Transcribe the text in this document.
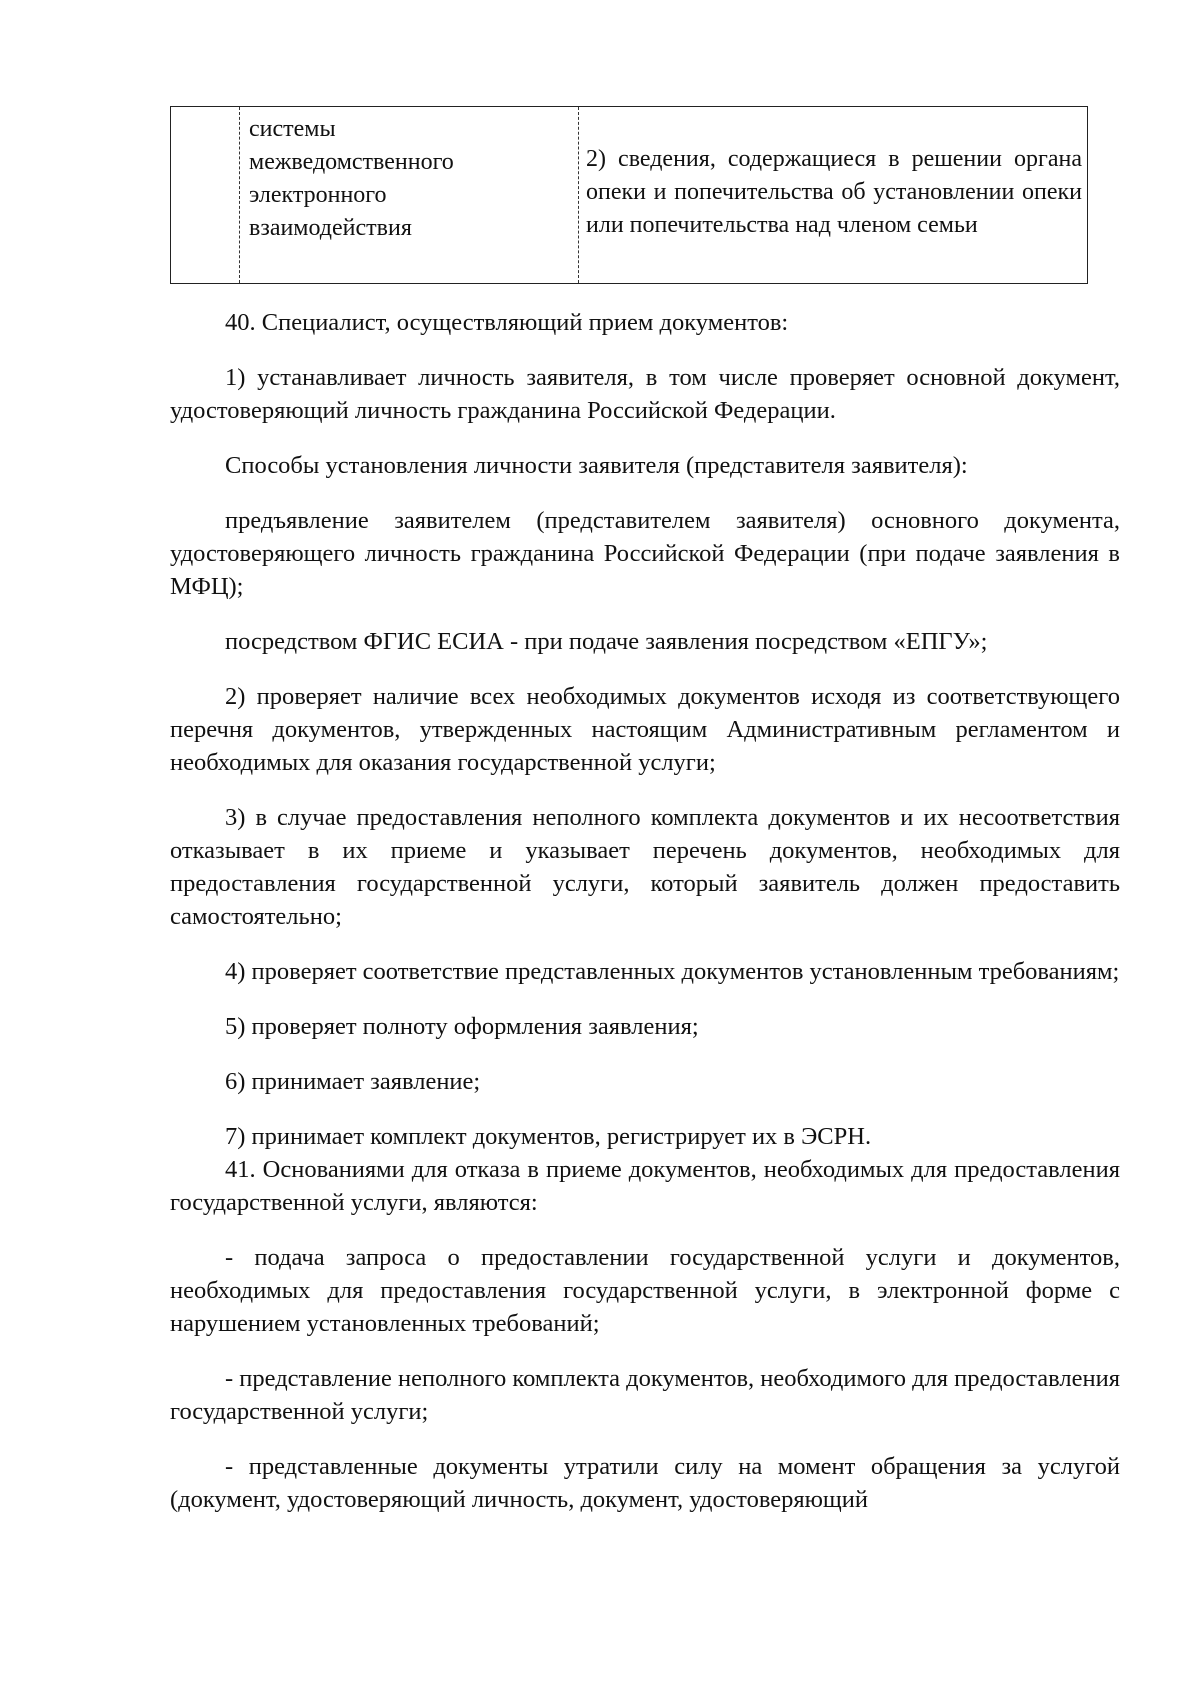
системы
межведомственного
электронного
взаимодействия
2) сведения, содержащиеся в решении органа опеки и попечительства об установлении опеки или попечительства над членом семьи

40. Специалист, осуществляющий прием документов:

1) устанавливает личность заявителя, в том числе проверяет основной документ, удостоверяющий личность гражданина Российской Федерации.

Способы установления личности заявителя (представителя заявителя):

предъявление заявителем (представителем заявителя) основного документа, удостоверяющего личность гражданина Российской Федерации (при подаче заявления в МФЦ);

посредством ФГИС ЕСИА - при подаче заявления посредством «ЕПГУ»;

2) проверяет наличие всех необходимых документов исходя из соответствующего перечня документов, утвержденных настоящим Административным регламентом и необходимых для оказания государственной услуги;

3) в случае предоставления неполного комплекта документов и их несоответствия отказывает в их приеме и указывает перечень документов, необходимых для предоставления государственной услуги, который заявитель должен предоставить самостоятельно;

4) проверяет соответствие представленных документов установленным требованиям;

5) проверяет полноту оформления заявления;

6) принимает заявление;

7) принимает комплект документов, регистрирует их в ЭСРН.

41. Основаниями для отказа в приеме документов, необходимых для предоставления государственной услуги, являются:

- подача запроса о предоставлении государственной услуги и документов, необходимых для предоставления государственной услуги, в электронной форме с нарушением установленных требований;

- представление неполного комплекта документов, необходимого для предоставления государственной услуги;

- представленные документы утратили силу на момент обращения за услугой (документ, удостоверяющий личность, документ, удостоверяющий
